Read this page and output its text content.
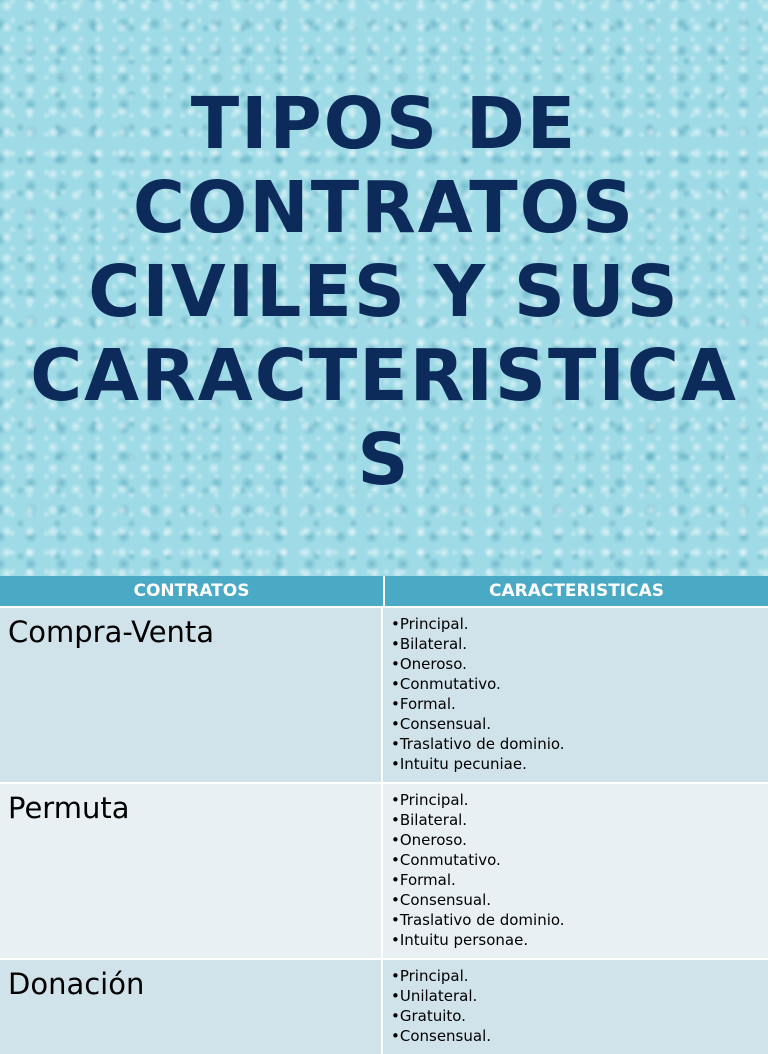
TIPOS DE
CONTRATOS
CIVILES Y SUS
CARACTERISTICA
S
CONTRATOS	CARACTERISTICAS
Compra-Venta	•Principal.
•Bilateral.
•Oneroso.
•Conmutativo.
•Formal.
•Consensual.
•Traslativo de dominio.
•Intuitu pecuniae.
Permuta	•Principal.
•Bilateral.
•Oneroso.
•Conmutativo.
•Formal.
•Consensual.
•Traslativo de dominio.
•Intuitu personae.
Donación	•Principal.
•Unilateral.
•Gratuito.
•Consensual.
